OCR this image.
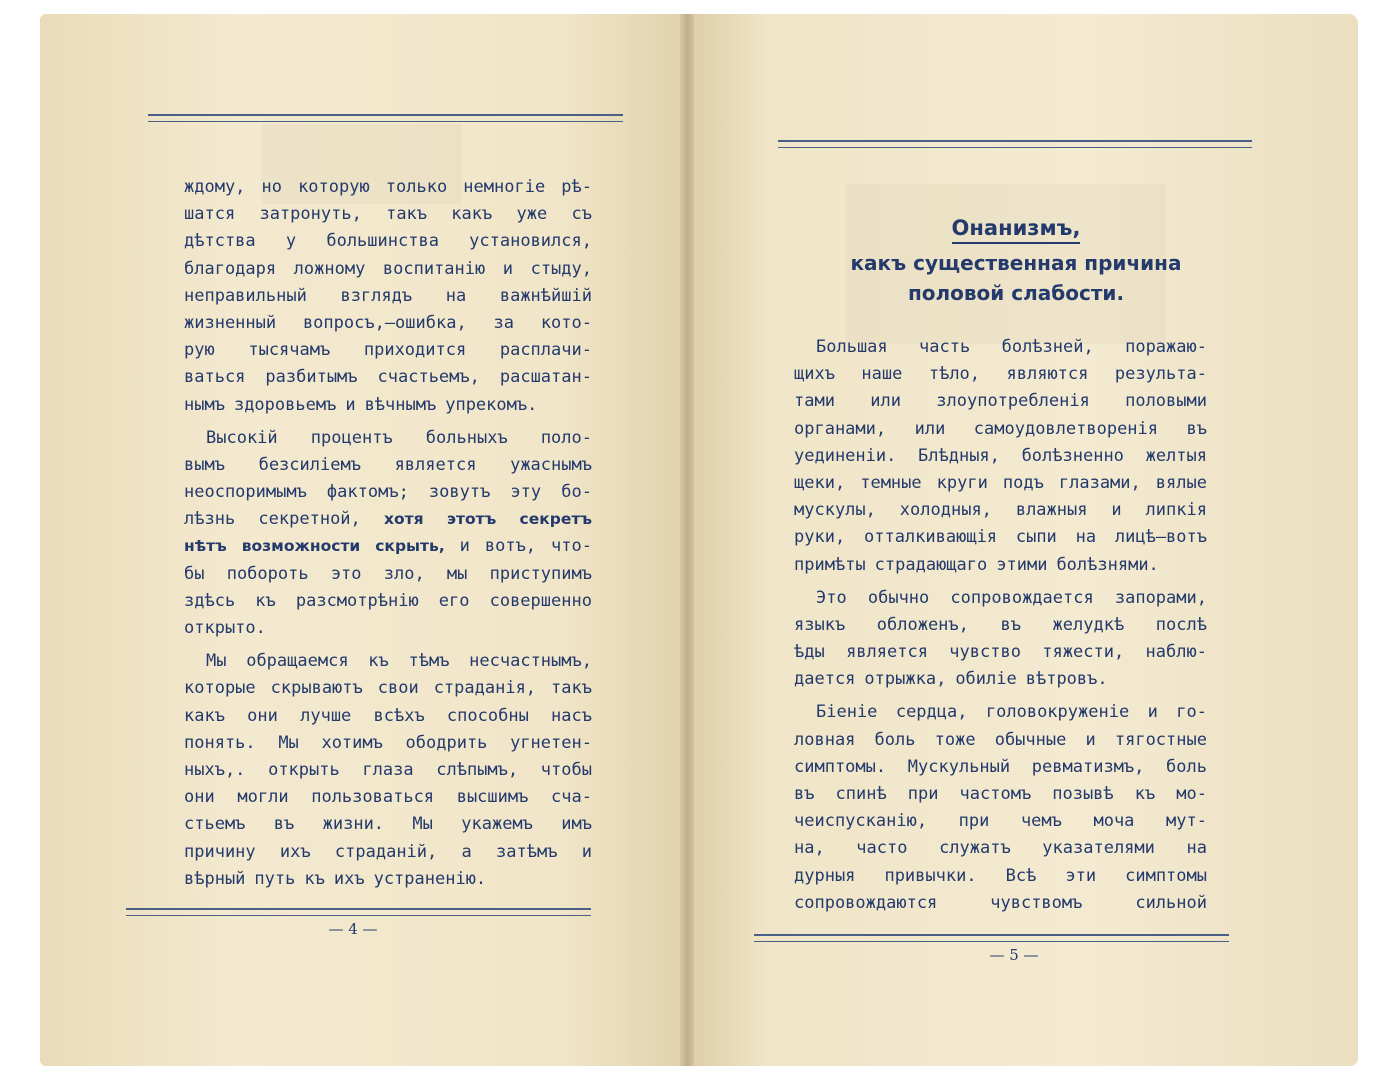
ждому, но которую только немногіе рѣ-
шатся затронуть, такъ какъ уже съ
дѣтства у большинства установился,
благодаря ложному воспитанію и стыду,
неправильный взглядъ на важнѣйшій
жизненный вопросъ,—ошибка, за кото-
рую тысячамъ приходится расплачи-
ваться разбитымъ счастьемъ, расшатан-
нымъ здоровьемъ и вѣчнымъ упрекомъ.
Высокій процентъ больныхъ поло-
вымъ безсиліемъ является ужаснымъ
неоспоримымъ фактомъ; зовутъ эту бо-
лѣзнь секретной, хотя этотъ секретъ
нѣтъ возможности скрыть, и вотъ, что-
бы побороть это зло, мы приступимъ
здѣсь къ разсмотрѣнію его совершенно
открыто.
Мы обращаемся къ тѣмъ несчастнымъ,
которые скрываютъ свои страданія, такъ
какъ они лучше всѣхъ способны насъ
понять. Мы хотимъ ободрить угнетен-
ныхъ,. открыть глаза слѣпымъ, чтобы
они могли пользоваться высшимъ сча-
стьемъ въ жизни. Мы укажемъ имъ
причину ихъ страданій, а затѣмъ и
вѣрный путь къ ихъ устраненію.
— 4 —
Онанизмъ,
какъ существенная причина
половой слабости.
Большая часть болѣзней, поражаю-
щихъ наше тѣло, являются результа-
тами или злоупотребленія половыми
органами, или самоудовлетворенія въ
уединеніи. Блѣдныя, болѣзненно желтыя
щеки, темные круги подъ глазами, вялые
мускулы, холодныя, влажныя и липкія
руки, отталкивающія сыпи на лицѣ—вотъ
примѣты страдающаго этими болѣзнями.
Это обычно сопровождается запорами,
языкъ обложенъ, въ желудкѣ послѣ
ѣды является чувство тяжести, наблю-
дается отрыжка, обиліе вѣтровъ.
Біеніе сердца, головокруженіе и го-
ловная боль тоже обычные и тягостные
симптомы. Мускульный ревматизмъ, боль
въ спинѣ при частомъ позывѣ къ мо-
чеиспусканію, при чемъ моча мут-
на, часто служатъ указателями на
дурныя привычки. Всѣ эти симптомы
сопровождаются	чувствомъ	сильной
— 5 —
